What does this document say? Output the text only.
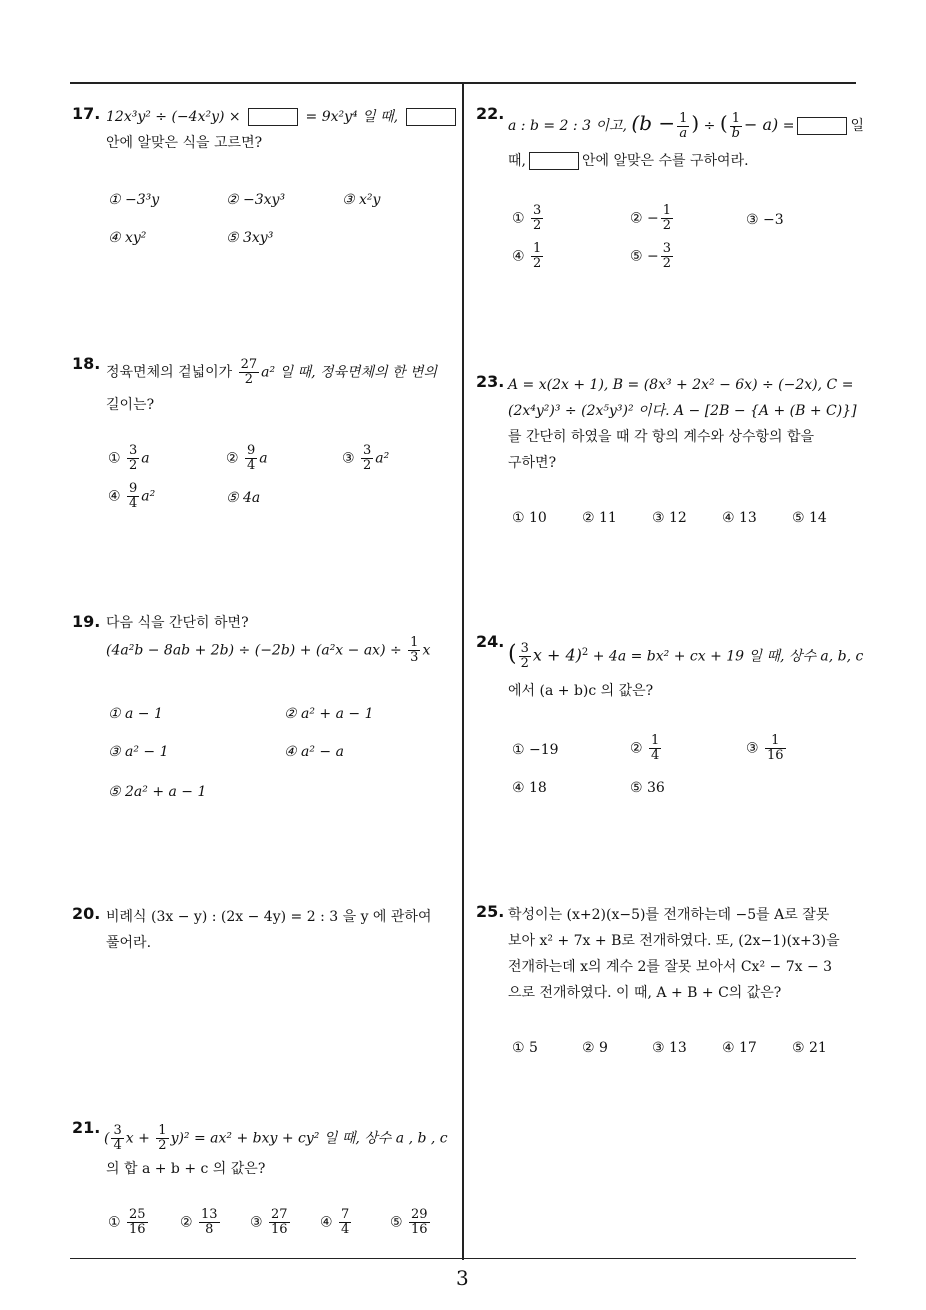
17. 12x³y² ÷ (−4x²y) ×	= 9x²y⁴ 일 때,
안에 알맞은 식을 고르면?
① −3³y	② −3xy³	③ x²y
④ xy²	⑤ 3xy³
18. 정육면체의 겉넓이가 $\frac{27}{2} a^2$ 일 때, 정육면체의 한 변의
길이는?
① $\frac{3}{2}$ a	② $\frac{9}{4}$ a	③ $\frac{3}{2} a^2$
④ $\frac{9}{4} a^2$	⑤ 4a
19. 다음 식을 간단히 하면?
$(4a^2b - 8ab + 2b) \div (-2b) + (a^2x - ax) \div \frac{1}{3}$ x
① a − 1	② a² + a − 1
③ a² − 1	④ a² − a
⑤ 2a² + a − 1
20. 비례식 (3x − y) : (2x − 4y) = 2 : 3 을 y 에 관하여
풀어라.
21.
( $\frac{3}{4}$ $x + \frac{1}{2} y)^2 = ax^2$ + bxy + cy² 일 때, 상수 a , b , c
의 합 a + b + c 의 값은?
① $\frac{25}{16}$ ② $\frac{13}{8}$ ③ $\frac{27}{16}$ ④ $\frac{7}{4}$	⑤ $\frac{29}{16}$
22.
a : b = 2 : 3 이고, ($b - \frac{1}{a}$ ) ÷ ( $\frac{1}{b} - a$) =	일
때,	안에 알맞은 수를 구하여라.
① $\frac{3}{2}$	② − $\frac{1}{2}$	③ −3
④ $\frac{1}{2}$	⑤ − $\frac{3}{2}$
23. A = x(2x + 1), B = (8x³ + 2x² − 6x) ÷ (−2x), C =
(2x⁴y²)³ ÷ (2x⁵y³)² 이다. A − [2B − {A + (B + C)}]
를 간단히 하였을 때 각 항의 계수와 상수항의 합을
구하면?
① 10	② 11	③ 12	④ 13	⑤ 14
24.
( $\frac{3}{2}$ x + 4)$^2$ + 4a = bx² + cx + 19 일 때, 상수 a, b, c
에서 (a + b)c 의 값은?
① −19	② $\frac{1}{4}$	③ $\frac{1}{16}$
④ 18	⑤ 36
25. 학성이는 (x+2)(x−5)를 전개하는데 −5를 A로 잘못
보아 x² + 7x + B로 전개하였다. 또, (2x−1)(x+3)을
전개하는데 x의 계수 2를 잘못 보아서 Cx² − 7x − 3
으로 전개하였다. 이 때, A + B + C의 값은?
① 5	② 9	③ 13	④ 17	⑤ 21
3
